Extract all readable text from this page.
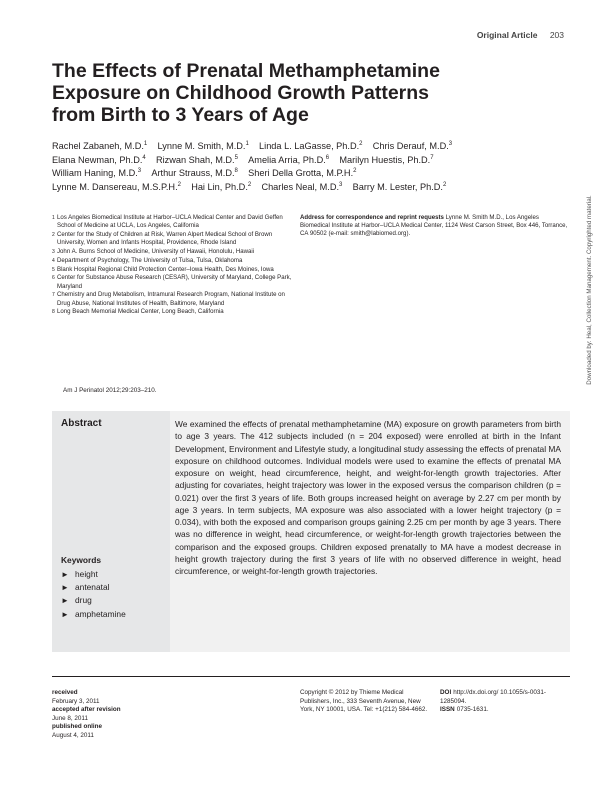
Original Article 203
The Effects of Prenatal Methamphetamine Exposure on Childhood Growth Patterns from Birth to 3 Years of Age

Rachel Zabaneh, M.D.$^1$ Lynne M. Smith, M.D.$^1$ Linda L. LaGasse, Ph.D.$^2$ Chris Derauf, M.D.$^3$

Elana Newman, Ph.D.$^4$ Rizwan Shah, M.D.$^5$ Amelia Arria, Ph.D.$^6$ Marilyn Huestis, Ph.D.$^7$

William Haning, M.D.$^3$ Arthur Strauss, M.D.$^8$ Sheri Della Grotta, M.P.H.$^2$

Lynne M. Dansereau, M.S.P.H.$^2$ Hai Lin, Ph.D.$^2$ Charles Neal, M.D.$^3$ Barry M. Lester, Ph.D.$^2$

1 Los Angeles Biomedical Institute at Harbor–UCLA Medical Center and David Geffen School of Medicine at UCLA, Los Angeles, California
2 Center for the Study of Children at Risk, Warren Alpert Medical School of Brown University, Women and Infants Hospital, Providence, Rhode Island
3 John A. Burns School of Medicine, University of Hawaii, Honolulu, Hawaii
4 Department of Psychology, The University of Tulsa, Tulsa, Oklahoma
5 Blank Hospital Regional Child Protection Center–Iowa Health, Des Moines, Iowa
6 Center for Substance Abuse Research (CESAR), University of Maryland, College Park, Maryland
7 Chemistry and Drug Metabolism, Intramural Research Program, National Institute on Drug Abuse, National Institutes of Health, Baltimore, Maryland
8 Long Beach Memorial Medical Center, Long Beach, California
Address for correspondence and reprint requests Lynne M. Smith M.D., Los Angeles Biomedical Institute at Harbor–UCLA Medical Center, 1124 West Carson Street, Box 446, Torrance, CA 90502 (e-mail: smith@labiomed.org).
Am J Perinatol 2012;29:203–210.
Abstract	We examined the effects of prenatal methamphetamine (MA) exposure on growth parameters from birth to age 3 years. The 412 subjects included (n = 204 exposed) were enrolled at birth in the Infant Development, Environment and Lifestyle study, a longitudinal study assessing the effects of prenatal MA exposure on childhood outcomes. Individual models were used to examine the effects of prenatal MA exposure on weight, head circumference, height, and weight-for-length growth trajectories. After adjusting for covariates, height trajectory was lower in the exposed versus the comparison children (p = 0.021) over the first 3 years of life. Both groups increased height on average by 2.27 cm per month by age 3 years. In term subjects, MA exposure was also associated with a lower height trajectory (p = 0.034), with both the exposed and comparison groups gaining 2.25 cm per month by age 3 years. There was no difference in weight, head circumference, or weight-for-length growth trajectories between the comparison and the exposed groups. Children exposed prenatally to MA have a modest decrease in height growth trajectory during the first 3 years of life with no observed difference in weight, head circumference, or weight-for-length growth trajectories.

Keywords
► height
► antenatal
► drug
► amphetamine
received
February 3, 2011
accepted after revision
June 8, 2011
published online
August 4, 2011
Copyright © 2012 by Thieme Medical Publishers, Inc., 333 Seventh Avenue, New York, NY 10001, USA. Tel: +1(212) 584-4662.
DOI http://dx.doi.org/ 10.1055/s-0031-1285094.
ISSN 0735-1631.
Downloaded by: Heal, Collection Management. Copyrighted material.
